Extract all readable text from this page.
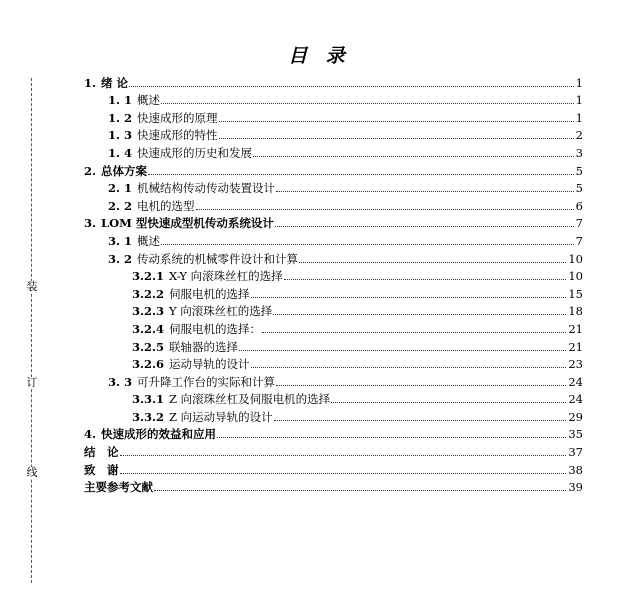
装
订
线
目 录
1. 绪 论	1
1. 1 概述	1
1. 2 快速成形的原理	1
1. 3 快速成形的特性	2
1. 4 快速成形的历史和发展	3
2. 总体方案	5
2. 1 机械结构传动传动装置设计	5
2. 2 电机的选型	6
3. LOM 型快速成型机传动系统设计	7
3. 1 概述	7
3. 2 传动系统的机械零件设计和计算	10
3.2.1 X-Y 向滚珠丝杠的选择	10
3.2.2 伺服电机的选择	15
3.2.3 Y 向滚珠丝杠的选择	18
3.2.4 伺服电机的选择：	21
3.2.5 联轴器的选择	21
3.2.6 运动导轨的设计	23
3. 3 可升降工作台的实际和计算	24
3.3.1 Z 向滚珠丝杠及伺服电机的选择	24
3.3.2 Z 向运动导轨的设计	29
4. 快速成形的效益和应用	35
结　论	37
致　谢	38
主要参考文献	39
